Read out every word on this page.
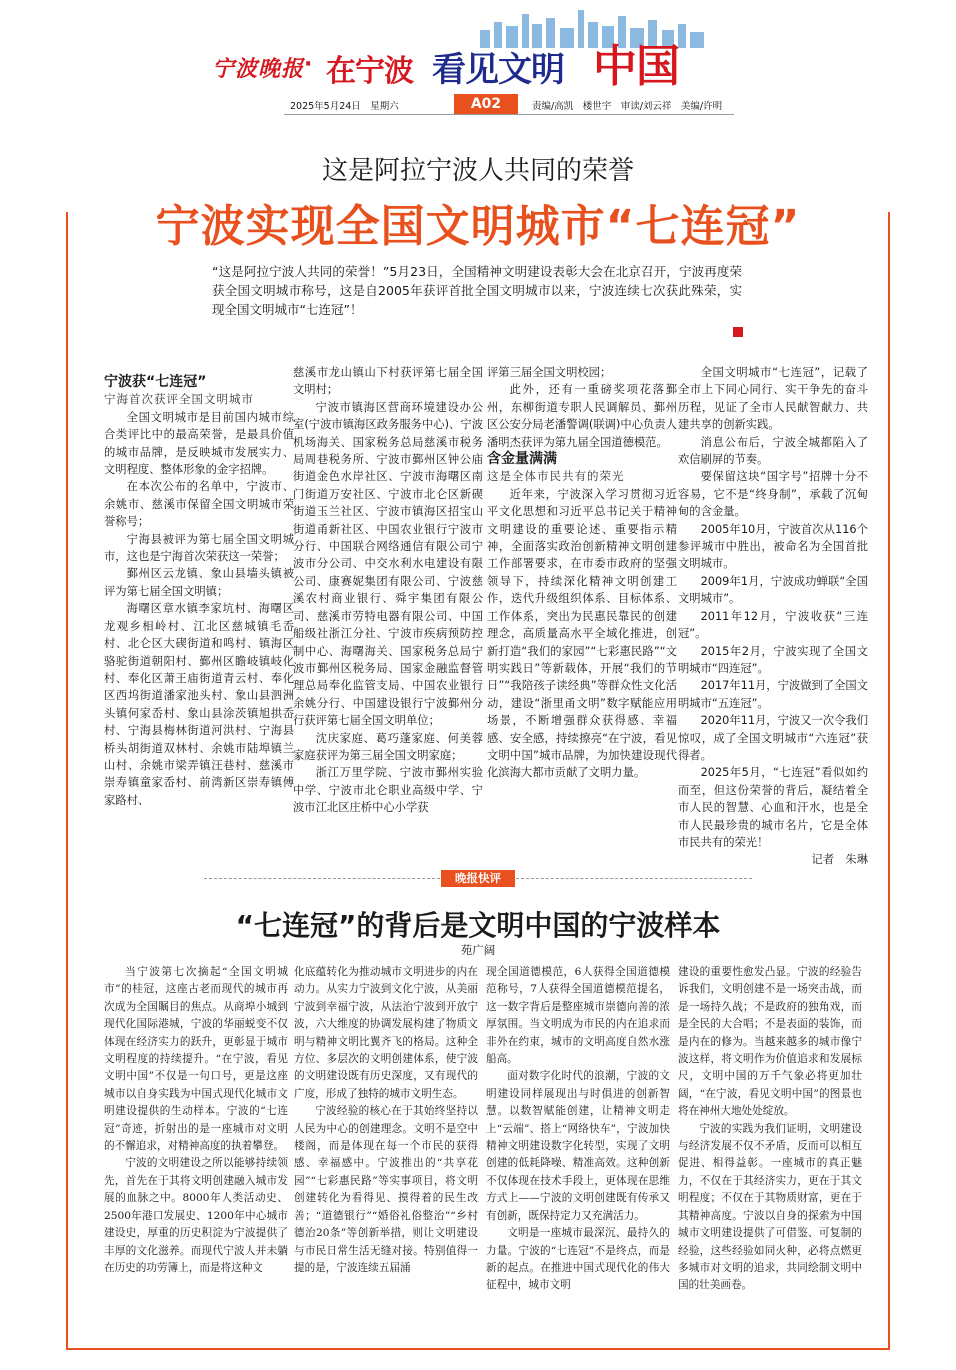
宁波晚报 · 在宁波 看见文明 中国
2025年5月24日　星期六	A02	责编/高凯　楼世宇　审读/刘云祥　美编/许明
这是阿拉宁波人共同的荣誉
宁波实现全国文明城市“七连冠”
“这是阿拉宁波人共同的荣誉！”5月23日，全国精神文明建设表彰大会在北京召开，宁波再度荣获全国文明城市称号，这是自2005年获评首批全国文明城市以来，宁波连续七次获此殊荣，实现全国文明城市“七连冠”！

宁波获“七连冠”

宁海首次获评全国文明城市

全国文明城市是目前国内城市综合类评比中的最高荣誉，是最具价值的城市品牌，是反映城市发展实力、文明程度、整体形象的金字招牌。

在本次公布的名单中，宁波市、余姚市、慈溪市保留全国文明城市荣誉称号；

宁海县被评为第七届全国文明城市，这也是宁海首次荣获这一荣誉；

鄞州区云龙镇、象山县墙头镇被评为第七届全国文明镇；

海曙区章水镇李家坑村、海曙区龙观乡相岭村、江北区慈城镇毛岙村、北仑区大碶街道和鸣村、镇海区骆驼街道朝阳村、鄞州区瞻岐镇岐化村、奉化区萧王庙街道青云村、奉化区西坞街道潘家池头村、象山县泗洲头镇何家岙村、象山县涂茨镇旭拱岙村、宁海县梅林街道河洪村、宁海县桥头胡街道双林村、余姚市陆埠镇兰山村、余姚市梁弄镇汪巷村、慈溪市崇寿镇童家岙村、前湾新区崇寿镇傅家路村、

慈溪市龙山镇山下村获评第七届全国文明村；

宁波市镇海区营商环境建设办公室(宁波市镇海区政务服务中心)、宁波机场海关、国家税务总局慈溪市税务局周巷税务所、宁波市鄞州区钟公庙街道金色水岸社区、宁波市海曙区南门街道万安社区、宁波市北仑区新碶街道玉兰社区、宁波市镇海区招宝山街道甬新社区、中国农业银行宁波市分行、中国联合网络通信有限公司宁波市分公司、中交水利水电建设有限公司、康赛妮集团有限公司、宁波慈溪农村商业银行、舜宇集团有限公司、慈溪市劳特电器有限公司、中国船级社浙江分社、宁波市疾病预防控制中心、海曙海关、国家税务总局宁波市鄞州区税务局、国家金融监督管理总局奉化监管支局、中国农业银行余姚分行、中国建设银行宁波鄞州分行获评第七届全国文明单位；

沈庆家庭、葛巧蓬家庭、何美蓉家庭获评为第三届全国文明家庭；

浙江万里学院、宁波市鄞州实验中学、宁波市北仑职业高级中学、宁波市江北区庄桥中心小学获

评第三届全国文明校园；

此外，还有一重磅奖项花落鄞州，东柳街道专职人民调解员、鄞州区公安分局老潘警调(联调)中心负责人潘明杰获评为第九届全国道德模范。

含金量满满

这是全体市民共有的荣光

近年来，宁波深入学习贯彻习近平文化思想和习近平总书记关于精神文明建设的重要论述、重要指示精神，全面落实政治创新精神文明创建工作部署要求，在市委市政府的坚强领导下，持续深化精神文明创建工作，迭代升级组织体系、目标体系、工作体系，突出为民惠民靠民的创建理念，高质量高水平全域化推进，创新打造“我们的家园”“七彩惠民路”“文明实践日”等新载体，开展“我们的节日”“我陪孩子读经典”等群众性文化活动，建设“浙里甬文明”数字赋能应用场景，不断增强群众获得感、幸福感、安全感，持续擦亮“在宁波，看见文明中国”城市品牌，为加快建设现代化滨海大都市贡献了文明力量。

全国文明城市“七连冠”，记载了全市上下同心同行、实干争先的奋斗历程，见证了全市人民献智献力、共建共享的创新实践。

消息公布后，宁波全城都陷入了欢信刷屏的节奏。

要保留这块“国字号”招牌十分不容易，它不是“终身制”，承载了沉甸甸的含金量。

2005年10月，宁波首次从116个参评城市中胜出，被命名为全国首批文明城市。

2009年1月，宁波成功蝉联“全国文明城市”。

2011年12月，宁波收获“三连冠”。

2015年2月，宁波实现了全国文明城市“四连冠”。

2017年11月，宁波做到了全国文明城市“五连冠”。

2020年11月，宁波又一次令我们惊叹，成了全国文明城市“六连冠”获得者。

2025年5月，“七连冠”看似如约而至，但这份荣誉的背后，凝结着全市人民的智慧、心血和汗水，也是全市人民最珍贵的城市名片，它是全体市民共有的荣光！

记者　朱琳

晚报快评
“七连冠”的背后是文明中国的宁波样本
苑广阔

当宁波第七次摘起“全国文明城市”的桂冠，这座古老而现代的城市再次成为全国瞩目的焦点。从商埠小城到现代化国际港城，宁波的华丽蜕变不仅体现在经济实力的跃升，更彰显于城市文明程度的持续提升。“在宁波，看见文明中国”不仅是一句口号，更是这座城市以自身实践为中国式现代化城市文明建设提供的生动样本。宁波的“七连冠”奇迹，折射出的是一座城市对文明的不懈追求，对精神高度的执着攀登。

宁波的文明建设之所以能够持续领先，首先在于其将文明创建融入城市发展的血脉之中。8000年人类活动史、2500年港口发展史、1200年中心城市建设史，厚重的历史积淀为宁波提供了丰厚的文化滋养。而现代宁波人并未躺在历史的功劳簿上，而是将这种文

化底蕴转化为推动城市文明进步的内在动力。从实力宁波到文化宁波，从美丽宁波到幸福宁波，从法治宁波到开放宁波，六大维度的协调发展构建了物质文明与精神文明比翼齐飞的格局。这种全方位、多层次的文明创建体系，使宁波的文明建设既有历史深度，又有现代的广度，形成了独特的城市文明生态。

宁波经验的核心在于其始终坚持以人民为中心的创建理念。文明不是空中楼阁，而是体现在每一个市民的获得感、幸福感中。宁波推出的“共享花园”“七彩惠民路”等实事项目，将文明创建转化为看得见、摸得着的民生改善；“道德银行”“婚俗礼俗整治”“乡村德治20条”等创新举措，则让文明建设与市民日常生活无缝对接。特别值得一提的是，宁波连续五届涌

现全国道德模范，6人获得全国道德模范称号，7人获得全国道德模范提名，这一数字背后是整座城市崇德向善的浓厚氛围。当文明成为市民的内在追求而非外在约束，城市的文明高度自然水涨船高。

面对数字化时代的浪潮，宁波的文明建设同样展现出与时俱进的创新智慧。以数智赋能创建，让精神文明走上“云端”、搭上“网络快车”，宁波加快精神文明建设数字化转型，实现了文明创建的低耗降噪、精准高效。这种创新不仅体现在技术手段上，更体现在思维方式上——宁波的文明创建既有传承又有创新，既保持定力又充满活力。

文明是一座城市最深沉、最持久的力量。宁波的“七连冠”不是终点，而是新的起点。在推进中国式现代化的伟大征程中，城市文明

建设的重要性愈发凸显。宁波的经验告诉我们，文明创建不是一场突击战，而是一场持久战；不是政府的独角戏，而是全民的大合唱；不是表面的装饰，而是内在的修为。当越来越多的城市像宁波这样，将文明作为价值追求和发展标尺，文明中国的万千气象必将更加壮阔，“在宁波，看见文明中国”的图景也将在神州大地处处绽放。

宁波的实践为我们证明，文明建设与经济发展不仅不矛盾，反而可以相互促进、相得益彰。一座城市的真正魅力，不仅在于其经济实力，更在于其文明程度；不仅在于其物质财富，更在于其精神高度。宁波以自身的探索为中国城市文明建设提供了可借鉴、可复制的经验，这些经验如同火种，必将点燃更多城市对文明的追求，共同绘制文明中国的壮美画卷。
